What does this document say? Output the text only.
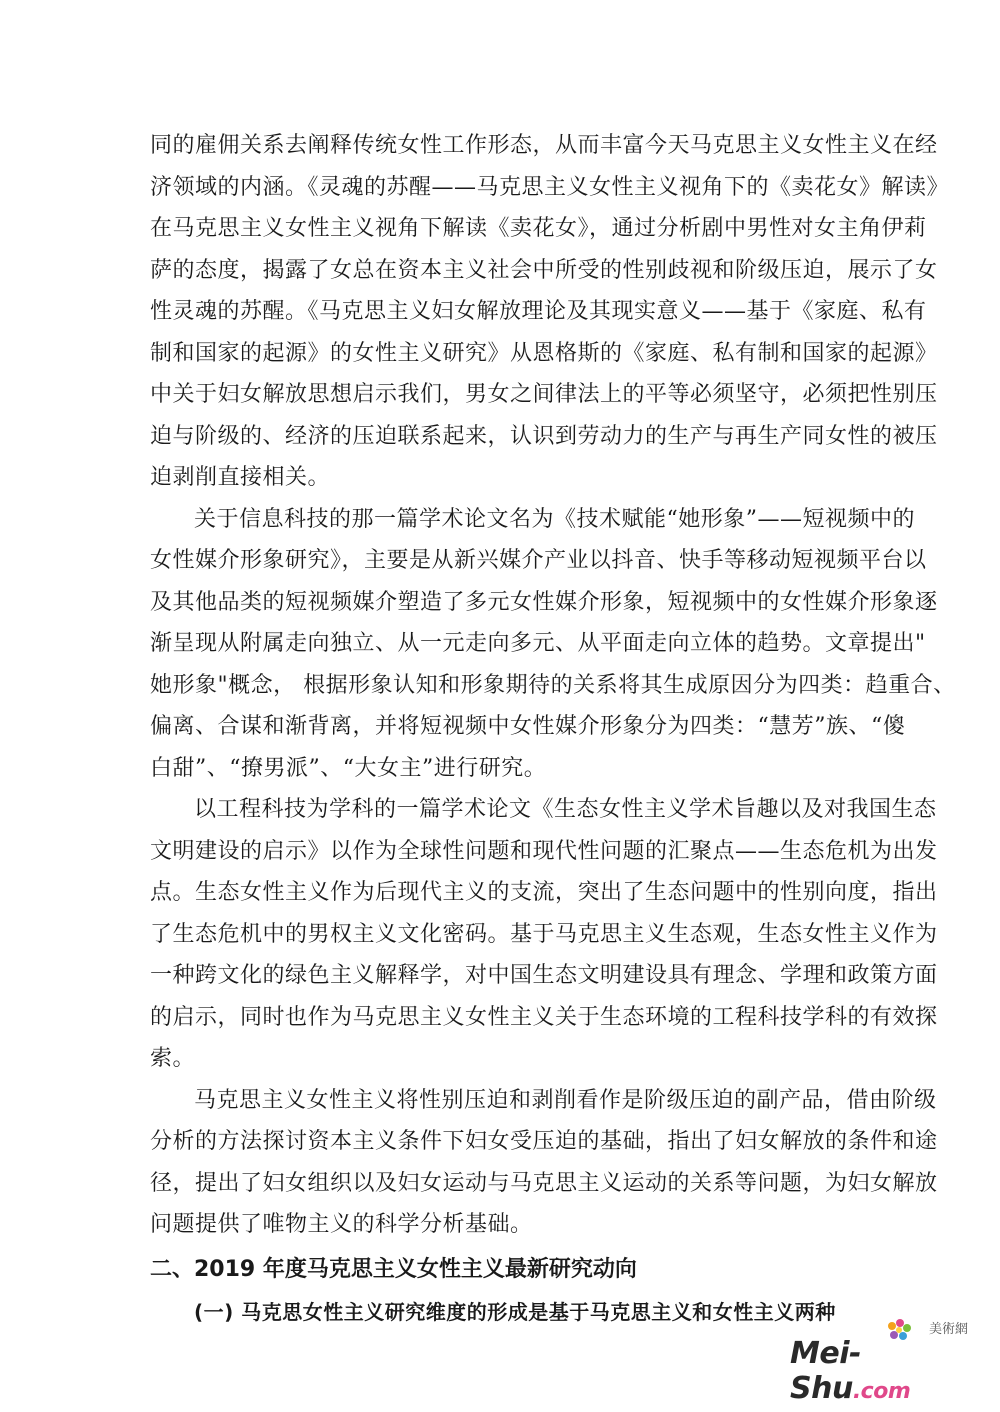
同的雇佣关系去阐释传统女性工作形态，从而丰富今天马克思主义女性主义在经
济领域的内涵。《灵魂的苏醒——马克思主义女性主义视角下的《卖花女》解读》
在马克思主义女性主义视角下解读《卖花女》，通过分析剧中男性对女主角伊莉
萨的态度，揭露了女总在资本主义社会中所受的性别歧视和阶级压迫，展示了女
性灵魂的苏醒。《马克思主义妇女解放理论及其现实意义——基于《家庭、私有
制和国家的起源》的女性主义研究》从恩格斯的《家庭、私有制和国家的起源》
中关于妇女解放思想启示我们，男女之间律法上的平等必须坚守，必须把性别压
迫与阶级的、经济的压迫联系起来，认识到劳动力的生产与再生产同女性的被压
迫剥削直接相关。
关于信息科技的那一篇学术论文名为《技术赋能“她形象”——短视频中的
女性媒介形象研究》，主要是从新兴媒介产业以抖音、快手等移动短视频平台以
及其他品类的短视频媒介塑造了多元女性媒介形象，短视频中的女性媒介形象逐
渐呈现从附属走向独立、从一元走向多元、从平面走向立体的趋势。文章提出"
她形象"概念， 根据形象认知和形象期待的关系将其生成原因分为四类：趋重合、
偏离、合谋和渐背离，并将短视频中女性媒介形象分为四类：“慧芳”族、“傻
白甜”、“撩男派”、“大女主”进行研究。
以工程科技为学科的一篇学术论文《生态女性主义学术旨趣以及对我国生态
文明建设的启示》以作为全球性问题和现代性问题的汇聚点——生态危机为出发
点。生态女性主义作为后现代主义的支流，突出了生态问题中的性别向度，指出
了生态危机中的男权主义文化密码。基于马克思主义生态观，生态女性主义作为
一种跨文化的绿色主义解释学，对中国生态文明建设具有理念、学理和政策方面
的启示，同时也作为马克思主义女性主义关于生态环境的工程科技学科的有效探
索。
马克思主义女性主义将性别压迫和剥削看作是阶级压迫的副产品，借由阶级
分析的方法探讨资本主义条件下妇女受压迫的基础，指出了妇女解放的条件和途
径，提出了妇女组织以及妇女运动与马克思主义运动的关系等问题，为妇女解放
问题提供了唯物主义的科学分析基础。
二、2019 年度马克思主义女性主义最新研究动向
(一) 马克思女性主义研究维度的形成是基于马克思主义和女性主义两种
美術網
Mei-Shu.com
